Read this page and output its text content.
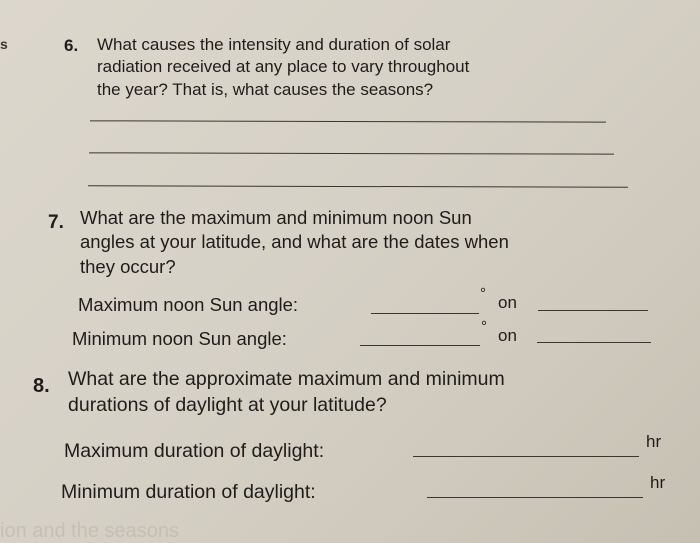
s	6. What causes the intensity and duration of solar
radiation received at any place to vary throughout
the year? That is, what causes the seasons?
7. What are the maximum and minimum noon Sun
angles at your latitude, and what are the dates when
they occur?
Maximum noon Sun angle:
° on
Minimum noon Sun angle:
° on
8. What are the approximate maximum and minimum
durations of daylight at your latitude?
Maximum duration of daylight:	hr
Minimum duration of daylight:	hr
ion and the seasons
